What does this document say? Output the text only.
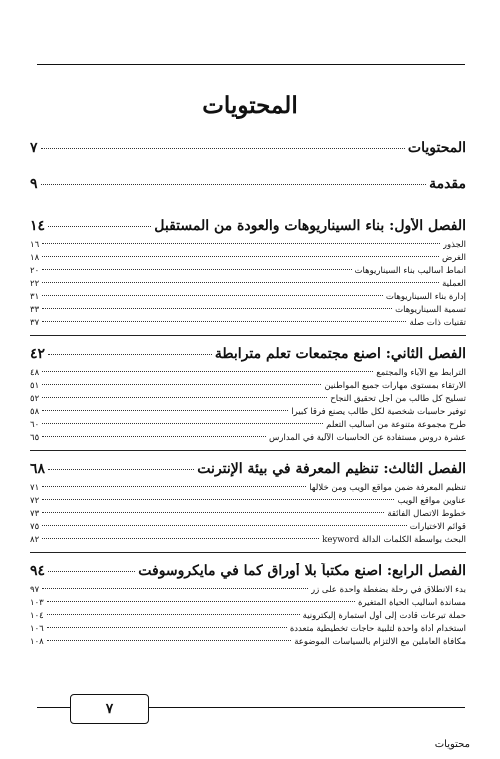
المحتويات
المحتويات
٧
مقدمة
٩
الفصل الأول: بناء السيناريوهات والعودة من المستقبل
١٤
الجذور
١٦
الغرض
١٨
أنماط أساليب بناء السيناريوهات
٢٠
العملية
٢٢
إدارة بناء السيناريوهات
٣١
تسمية السيناريوهات
٣٣
تقنيات ذات صلة
٣٧
الفصل الثاني: اصنع مجتمعات تعلم مترابطة
٤٢
الترابط مع الآباء والمجتمع
٤٨
الارتقاء بمستوى مهارات جميع المواطنين
٥١
تسليح كل طالب من أجل تحقيق النجاح
٥٢
توفير حاسبات شخصية لكل طالب يصنع فرقاً كبيراً
٥٨
طرح مجموعة متنوعة من أساليب التعلم
٦٠
عشرة دروس مستفادة عن الحاسبات الآلية في المدارس
٦٥
الفصل الثالث: تنظيم المعرفة في بيئة الإنترنت
٦٨
تنظيم المعرفة ضمن مواقع الويب ومن خلالها
٧١
عناوين مواقع الويب
٧٢
خطوط الاتصال الفائقة
٧٣
قوائم الاختيارات
٧٥
البحث بواسطة الكلمات الدالة keyword
٨٢
الفصل الرابع: اصنع مكتباً بلا أوراق كما في مايكروسوفت
٩٤
بدء الانطلاق في رحلة بضغطة واحدة على زر
٩٧
مساندة أساليب الحياة المتغيرة
١٠٣
حملة تبرعات قادت إلى أول استمارة إليكترونية
١٠٤
استخدام أداة واحدة لتلبية حاجات تخطيطية متعددة
١٠٦
مكافأة العاملين مع الالتزام بالسياسات الموضوعة
١٠٨
٧
محتويات
